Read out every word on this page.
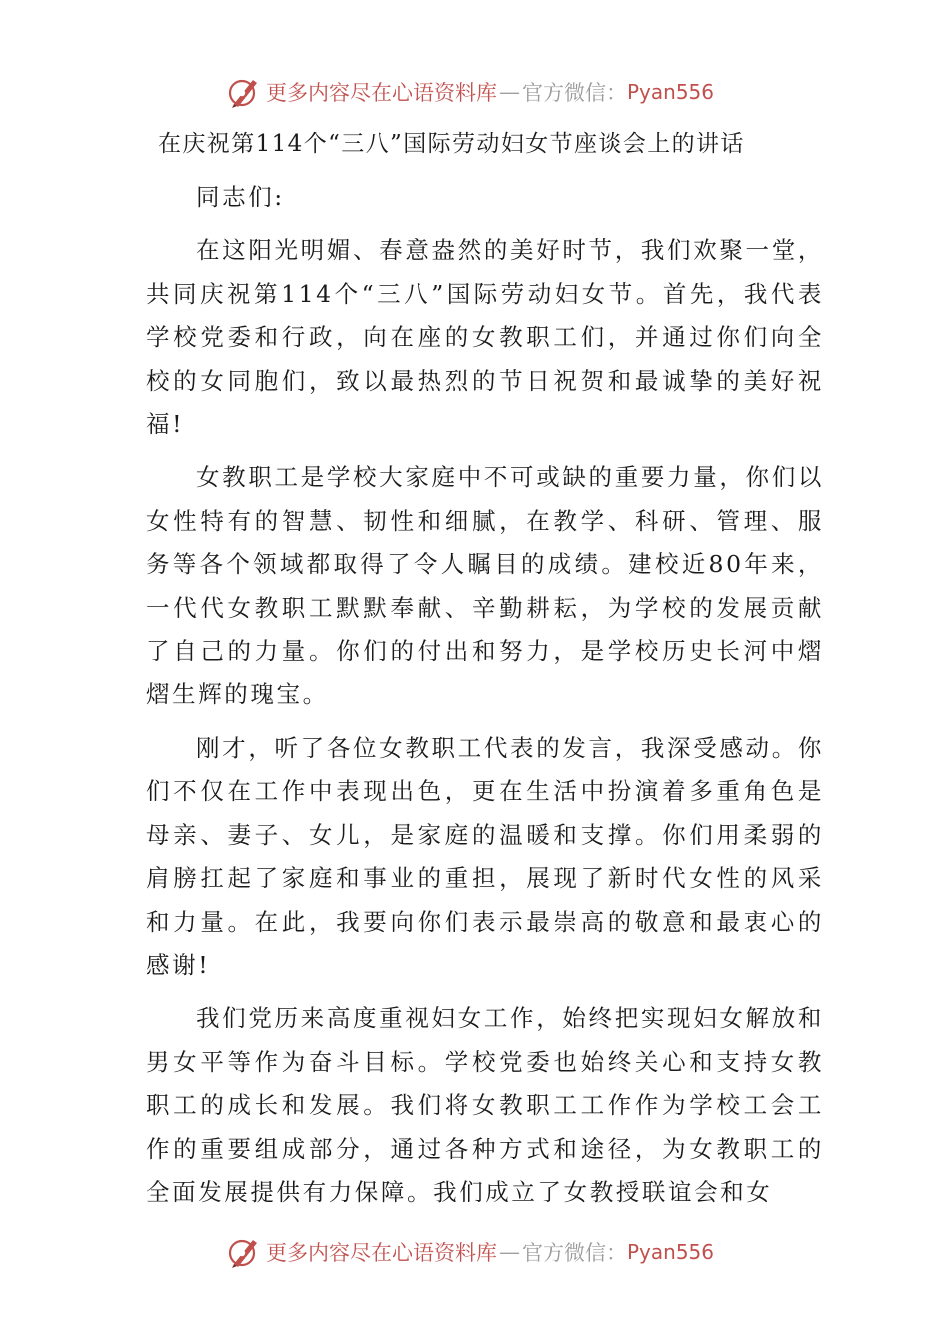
更多内容尽在心语资料库 — 官方微信： Pyan556
在庆祝第114个“三八”国际劳动妇女节座谈会上的讲话

同志们:

在这阳光明媚、春意盎然的美好时节，我们欢聚一堂，共同庆祝第114个“三八”国际劳动妇女节。首先，我代表学校党委和行政，向在座的女教职工们，并通过你们向全校的女同胞们，致以最热烈的节日祝贺和最诚挚的美好祝福!

女教职工是学校大家庭中不可或缺的重要力量，你们以女性特有的智慧、韧性和细腻，在教学、科研、管理、服务等各个领域都取得了令人瞩目的成绩。建校近80年来，一代代女教职工默默奉献、辛勤耕耘，为学校的发展贡献了自己的力量。你们的付出和努力，是学校历史长河中熠熠生辉的瑰宝。

刚才，听了各位女教职工代表的发言，我深受感动。你们不仅在工作中表现出色，更在生活中扮演着多重角色是母亲、妻子、女儿，是家庭的温暖和支撑。你们用柔弱的肩膀扛起了家庭和事业的重担，展现了新时代女性的风采和力量。在此，我要向你们表示最崇高的敬意和最衷心的感谢!

我们党历来高度重视妇女工作，始终把实现妇女解放和男女平等作为奋斗目标。学校党委也始终关心和支持女教职工的成长和发展。我们将女教职工工作作为学校工会工作的重要组成部分，通过各种方式和途径，为女教职工的全面发展提供有力保障。我们成立了女教授联谊会和女

更多内容尽在心语资料库 — 官方微信： Pyan556
